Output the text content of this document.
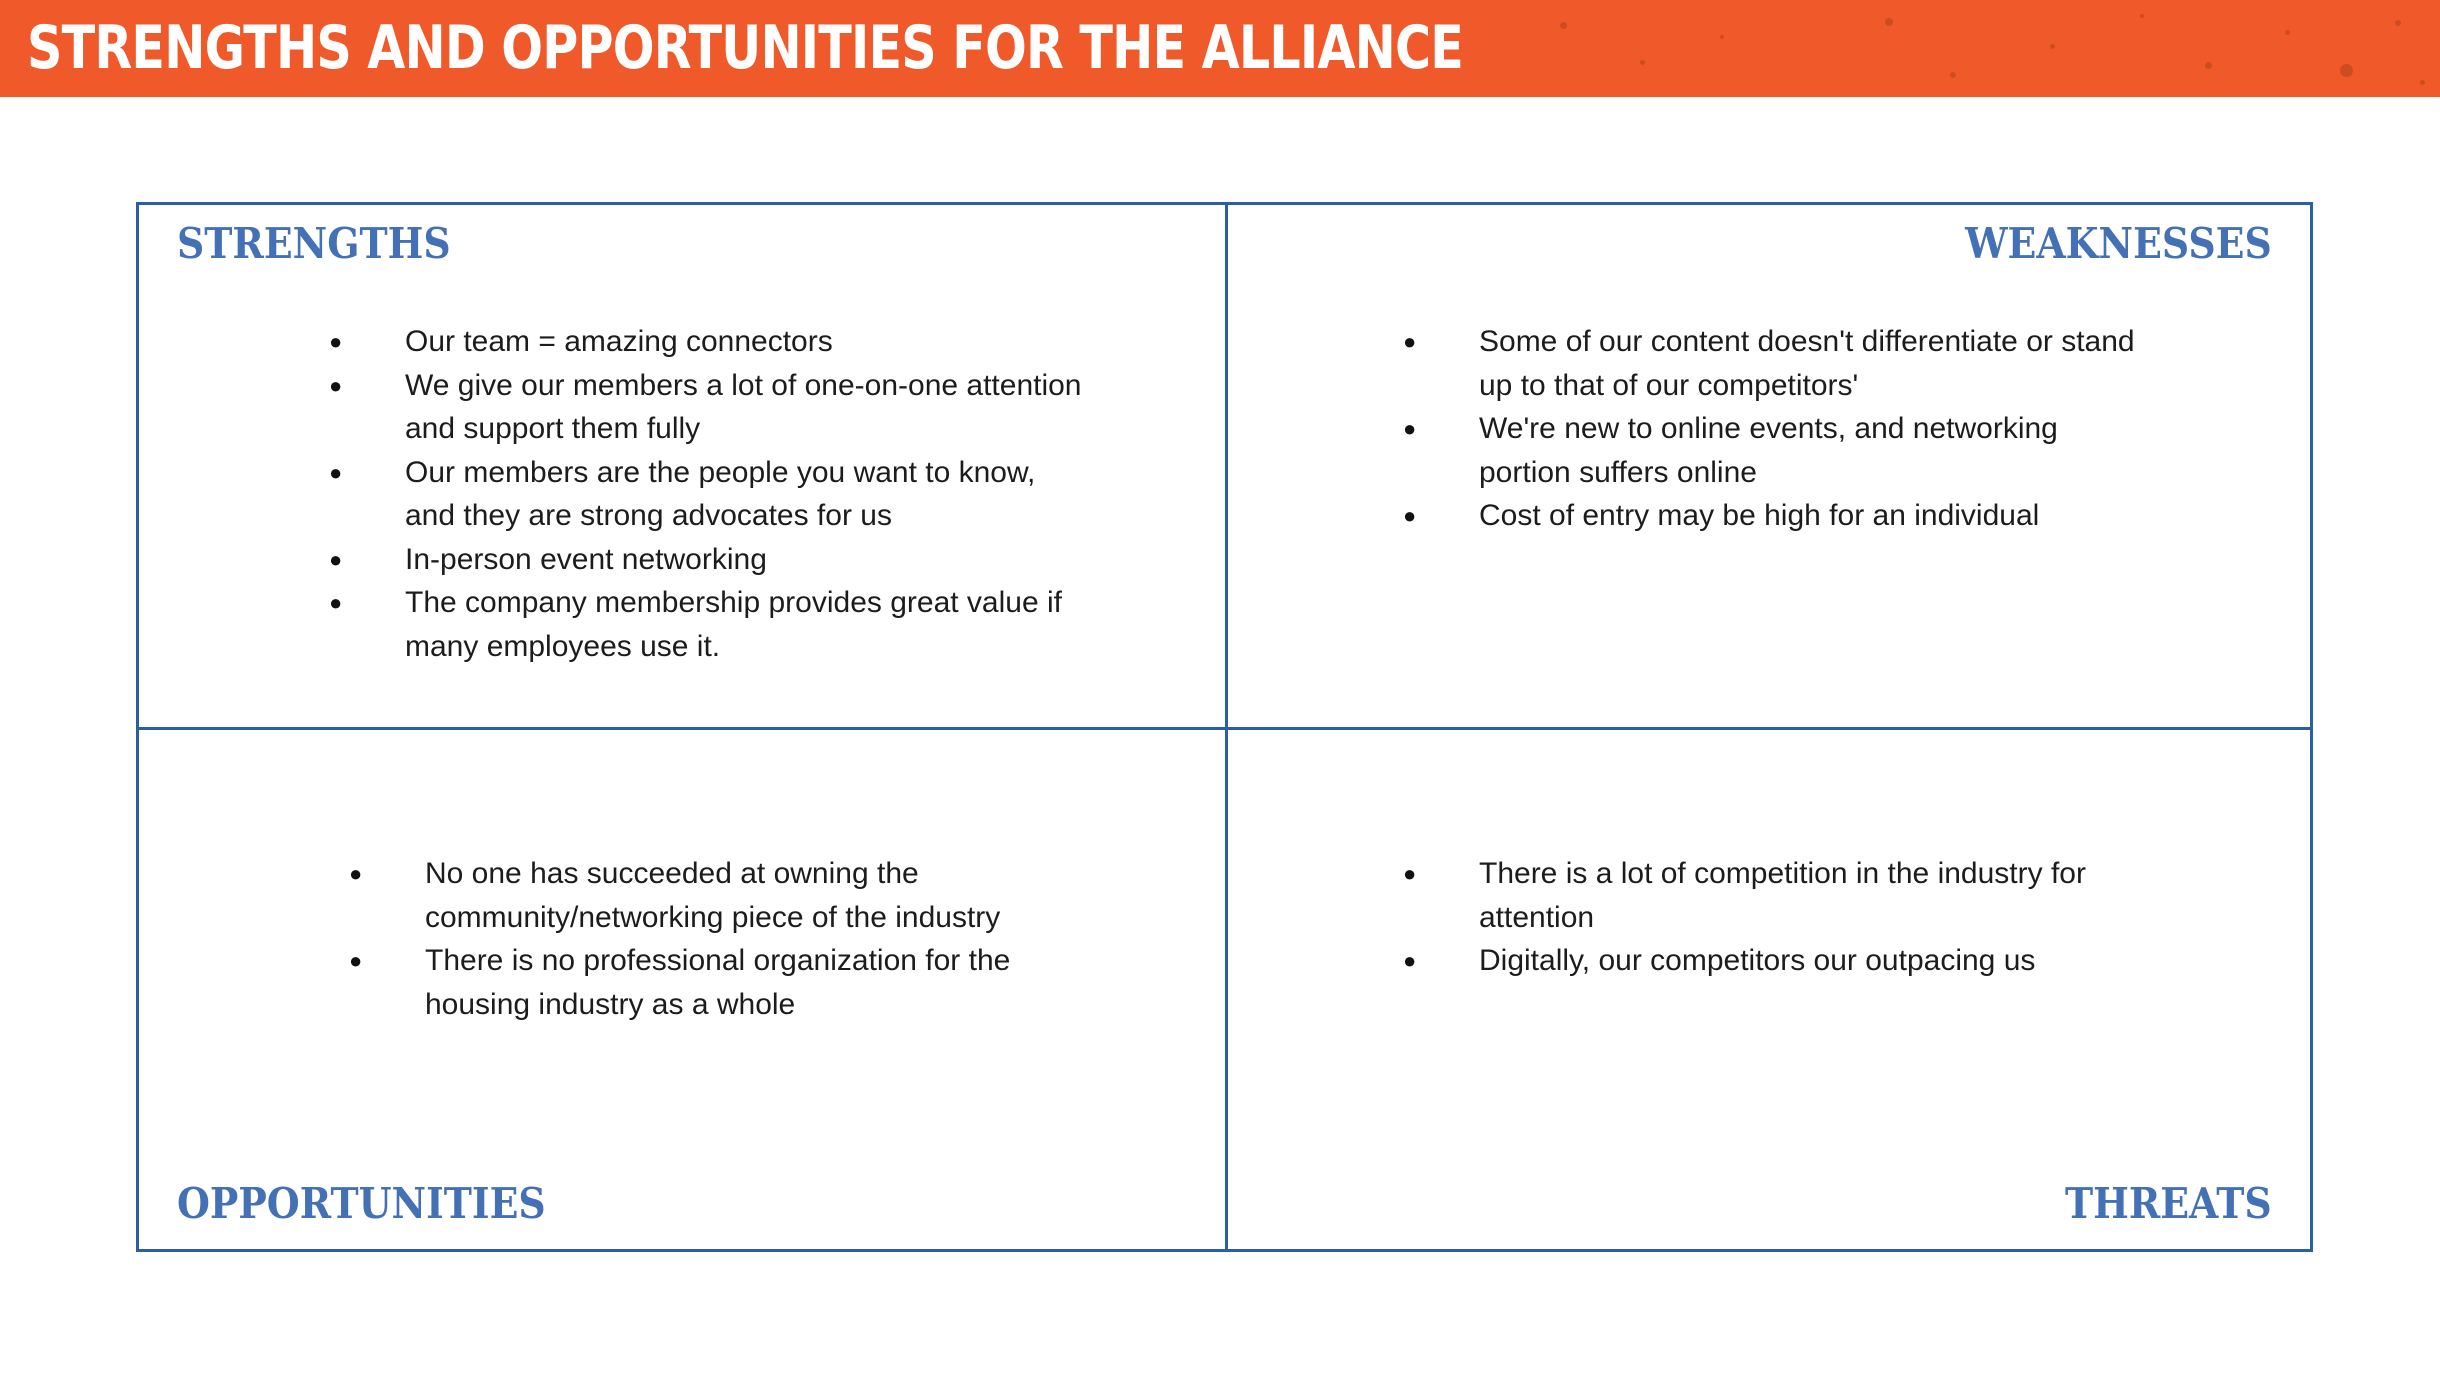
STRENGTHS AND OPPORTUNITIES FOR THE ALLIANCE
STRENGTHS
● Our team = amazing connectors
● We give our members a lot of one-on-one attention and support them fully
● Our members are the people you want to know, and they are strong advocates for us
● In-person event networking
● The company membership provides great value if many employees use it.
WEAKNESSES
● Some of our content doesn't differentiate or stand up to that of our competitors'
● We're new to online events, and networking portion suffers online
● Cost of entry may be high for an individual
● No one has succeeded at owning the community/networking piece of the industry
● There is no professional organization for the housing industry as a whole
OPPORTUNITIES
● There is a lot of competition in the industry for attention
● Digitally, our competitors our outpacing us
THREATS
